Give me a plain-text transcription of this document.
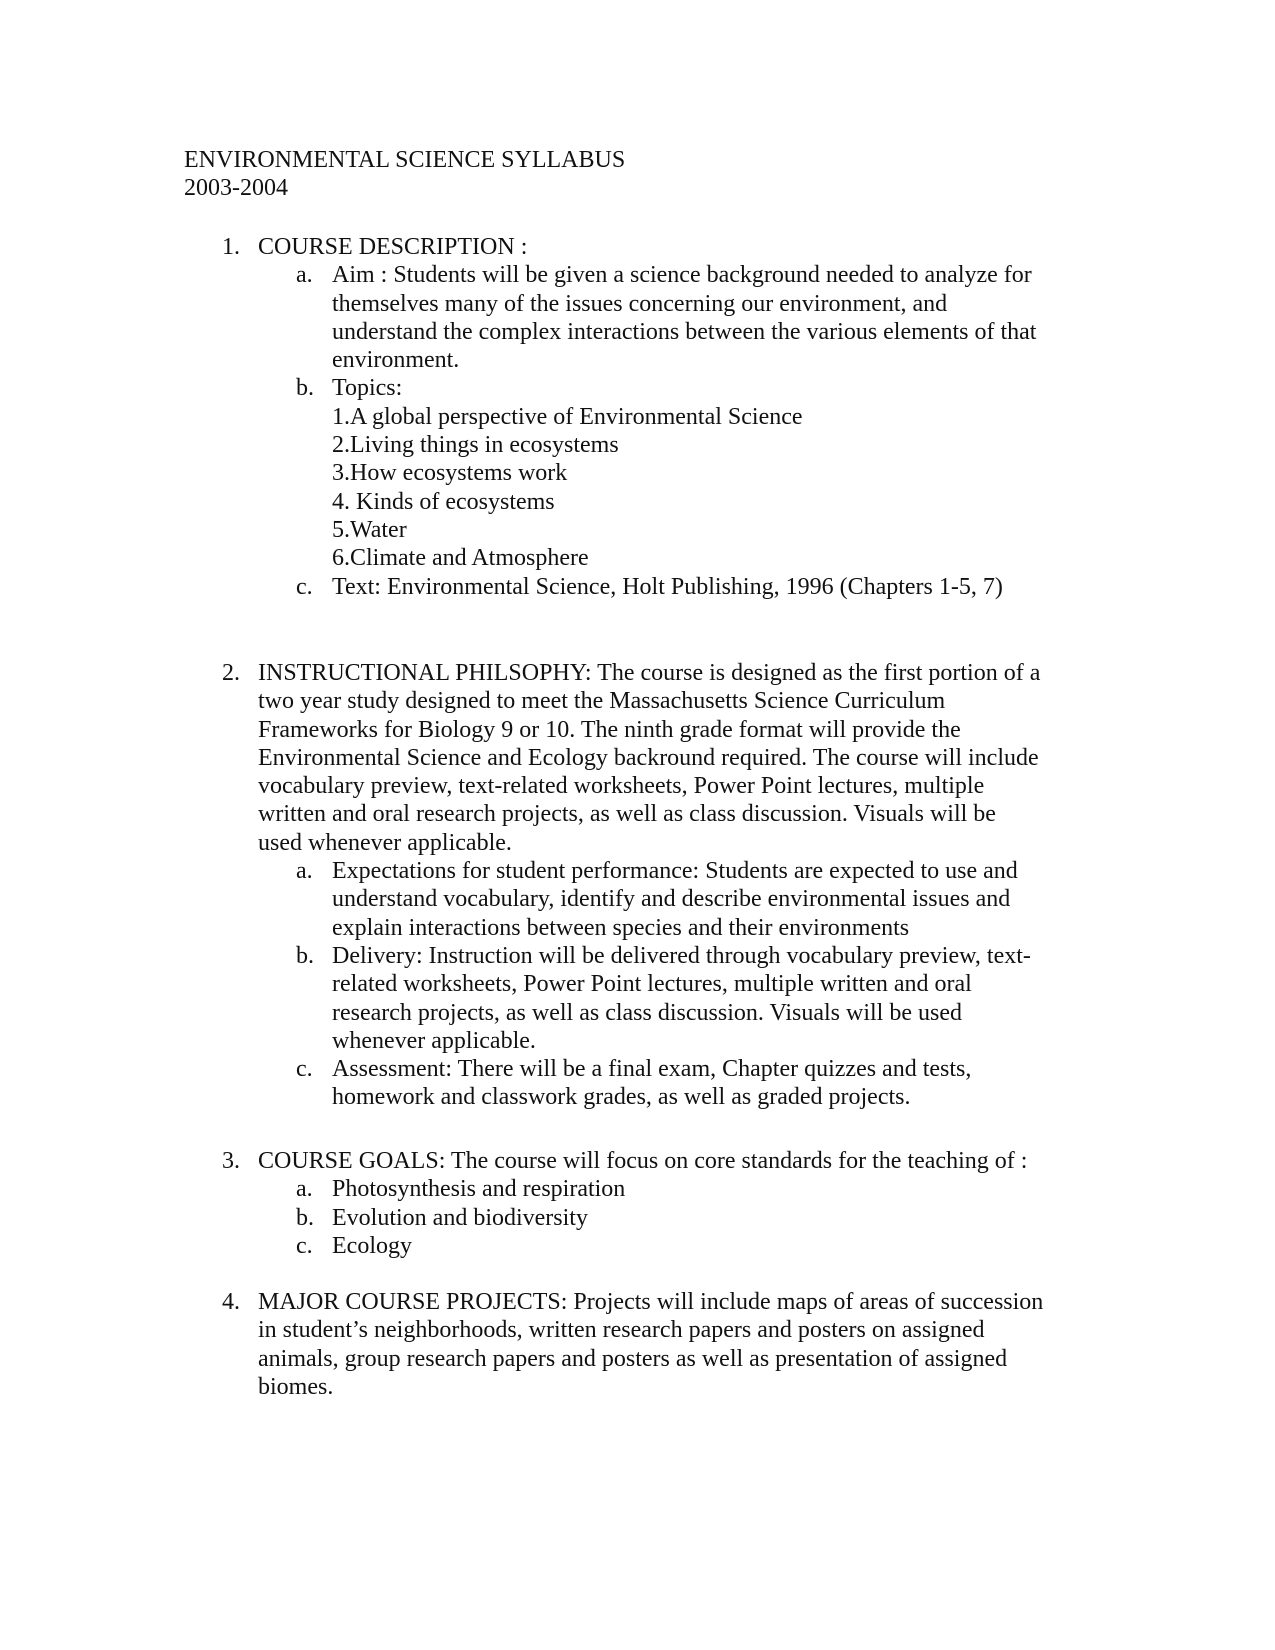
ENVIRONMENTAL SCIENCE SYLLABUS
2003-2004
1. COURSE DESCRIPTION :
a. Aim : Students will be given a science background needed to analyze for
themselves many of the issues concerning our environment, and
understand the complex interactions between the various elements of that
environment.
b. Topics:
1.A global perspective of Environmental Science
2.Living things in ecosystems
3.How ecosystems work
4. Kinds of ecosystems
5.Water
6.Climate and Atmosphere
c. Text: Environmental Science, Holt Publishing, 1996 (Chapters 1-5, 7)
2. INSTRUCTIONAL PHILSOPHY: The course is designed as the first portion of a
two year study designed to meet the Massachusetts Science Curriculum
Frameworks for Biology 9 or 10. The ninth grade format will provide the
Environmental Science and Ecology backround required. The course will include
vocabulary preview, text-related worksheets, Power Point lectures, multiple
written and oral research projects, as well as class discussion. Visuals will be
used whenever applicable.
a. Expectations for student performance: Students are expected to use and
understand vocabulary, identify and describe environmental issues and
explain interactions between species and their environments
b. Delivery: Instruction will be delivered through vocabulary preview, text-
related worksheets, Power Point lectures, multiple written and oral
research projects, as well as class discussion. Visuals will be used
whenever applicable.
c. Assessment: There will be a final exam, Chapter quizzes and tests,
homework and classwork grades, as well as graded projects.
3. COURSE GOALS: The course will focus on core standards for the teaching of :
a. Photosynthesis and respiration
b. Evolution and biodiversity
c. Ecology
4. MAJOR COURSE PROJECTS: Projects will include maps of areas of succession
in student’s neighborhoods, written research papers and posters on assigned
animals, group research papers and posters as well as presentation of assigned
biomes.
